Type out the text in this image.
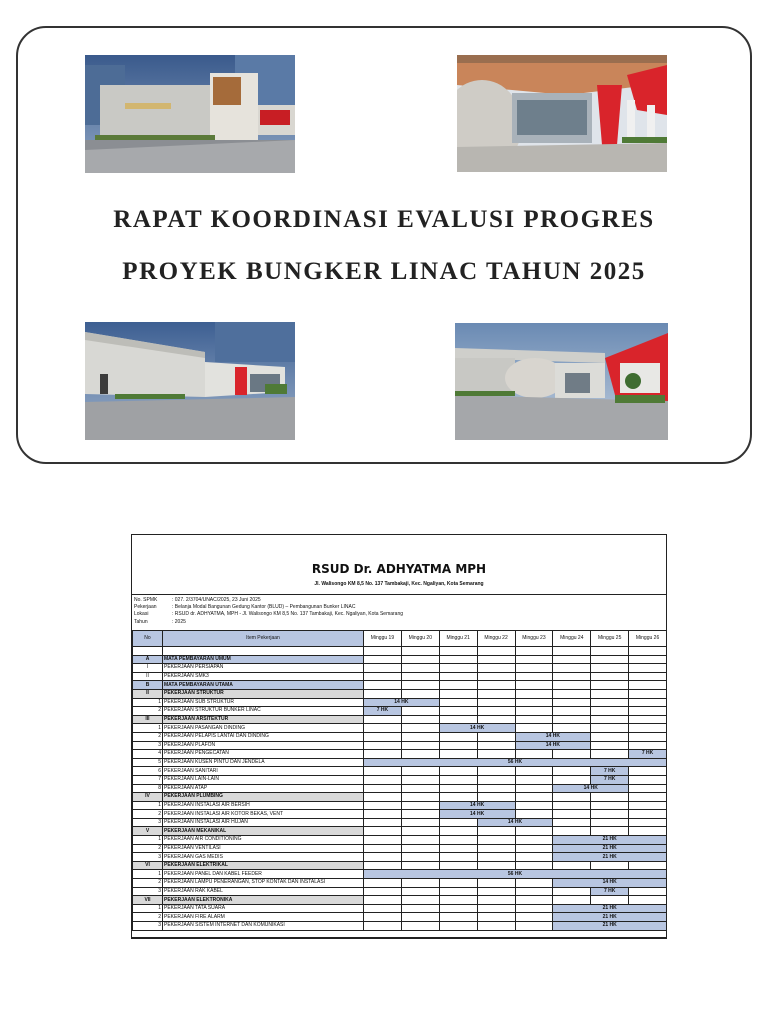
RAPAT KOORDINASI EVALUSI PROGRES
PROYEK BUNGKER LINAC TAHUN 2025
RSUD Dr. ADHYATMA MPH
Jl. Walisongo KM 8,5 No. 137 Tambakaji, Kec. Ngaliyan, Kota Semarang
No. SPMK	: 027. 2/3704/UNAC/2025, 23 Juni 2025
Pekerjaan	: Belanja Modal Bangunan Gedung Kantor (BLUD) – Pembangunan Bunker LINAC
Lokasi	: RSUD dr. ADHYATMA, MPH - Jl. Walisongo KM 8,5 No. 137 Tambakaji, Kec. Ngaliyan, Kota Semarang
Tahun	: 2025
No	Item Pekerjaan	Minggu 19	Minggu 20	Minggu 21	Minggu 22	Minggu 23	Minggu 24	Minggu 25	Minggu 26

A	MATA PEMBAYARAN UMUM								
I	PEKERJAAN PERSIAPAN								
II	PEKERJAAN SMK3								
B	MATA PEMBAYARAN UTAMA								
II	PEKERJAAN STRUKTUR								
1	PEKERJAAN SUB STRUKTUR	14 HK							
2	PEKERJAAN STRUKTUR BUNKER LINAC	7 HK							
III	PEKERJAAN ARSITEKTUR								
1	PEKERJAAN PASANGAN DINDING			14 HK					
2	PEKERJAAN PELAPIS LANTAI DAN DINDING					14 HK			
3	PEKERJAAN PLAFON					14 HK			
4	PEKERJAAN PENGECATAN								7 HK
5	PEKERJAAN KUSEN PINTU DAN JENDELA	56 HK							
6	PEKERJAAN SANITARI							7 HK	
7	PEKERJAAN LAIN-LAIN							7 HK	
8	PEKERJAAN ATAP						14 HK		
IV	PEKERJAAN PLUMBING								
1	PEKERJAAN INSTALASI AIR BERSIH			14 HK					
2	PEKERJAAN INSTALASI AIR KOTOR BEKAS, VENT			14 HK					
3	PEKERJAAN INSTALASI AIR HUJAN				14 HK				
V	PEKERJAAN MEKANIKAL								
1	PEKERJAAN AIR CONDITIONING						21 HK		
2	PEKERJAAN VENTILASI						21 HK		
3	PEKERJAAN GAS MEDIS						21 HK		
VI	PEKERJAAN ELEKTRIKAL								
1	PEKERJAAN PANEL DAN KABEL FEEDER	56 HK							
2	PEKERJAAN LAMPU PENERANGAN, STOP KONTAK DAN INSTALASI						14 HK		
3	PEKERJAAN RAK KABEL							7 HK	
VII	PEKERJAAN ELEKTRONIKA								
1	PEKERJAAN TATA SUARA						21 HK		
2	PEKERJAAN FIRE ALARM						21 HK		
3	PEKERJAAN SISTEM INTERNET DAN KOMUNIKASI						21 HK		
